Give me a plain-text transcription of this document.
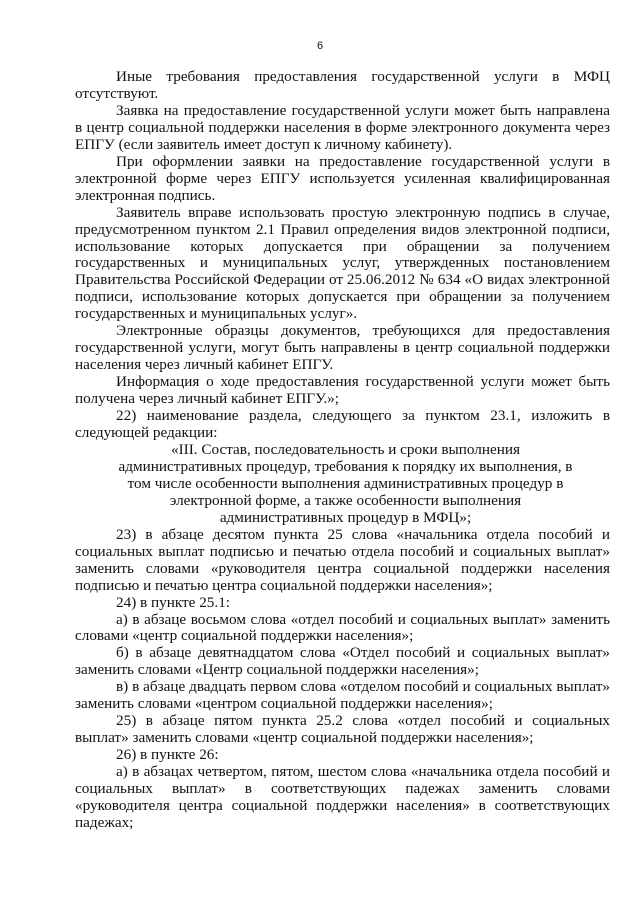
6

Иные требования предоставления государственной услуги в МФЦ отсутствуют.

Заявка на предоставление государственной услуги может быть направлена в центр социальной поддержки населения в форме электронного документа через ЕПГУ (если заявитель имеет доступ к личному кабинету).

При оформлении заявки на предоставление государственной услуги в электронной форме через ЕПГУ используется усиленная квалифицированная электронная подпись.

Заявитель вправе использовать простую электронную подпись в случае, предусмотренном пунктом 2.1 Правил определения видов электронной подписи, использование которых допускается при обращении за получением государственных и муниципальных услуг, утвержденных постановлением Правительства Российской Федерации от 25.06.2012 № 634 «О видах электронной подписи, использование которых допускается при обращении за получением государственных и муниципальных услуг».

Электронные образцы документов, требующихся для предоставления государственной услуги, могут быть направлены в центр социальной поддержки населения через личный кабинет ЕПГУ.

Информация о ходе предоставления государственной услуги может быть получена через личный кабинет ЕПГУ.»;

22) наименование раздела, следующего за пунктом 23.1, изложить в следующей редакции:

«III. Состав, последовательность и сроки выполнения административных процедур, требования к порядку их выполнения, в том числе особенности выполнения административных процедур в электронной форме, а также особенности выполнения административных процедур в МФЦ»;

23) в абзаце десятом пункта 25 слова «начальника отдела пособий и социальных выплат подписью и печатью отдела пособий и социальных выплат» заменить словами «руководителя центра социальной поддержки населения подписью и печатью центра социальной поддержки населения»;

24) в пункте 25.1:

а) в абзаце восьмом слова «отдел пособий и социальных выплат» заменить словами «центр социальной поддержки населения»;

б) в абзаце девятнадцатом слова «Отдел пособий и социальных выплат» заменить словами «Центр социальной поддержки населения»;

в) в абзаце двадцать первом слова «отделом пособий и социальных выплат» заменить словами «центром социальной поддержки населения»;

25) в абзаце пятом пункта 25.2 слова «отдел пособий и социальных выплат» заменить словами «центр социальной поддержки населения»;

26) в пункте 26:

а) в абзацах четвертом, пятом, шестом слова «начальника отдела пособий и социальных выплат» в соответствующих падежах заменить словами «руководителя центра социальной поддержки населения» в соответствующих падежах;
